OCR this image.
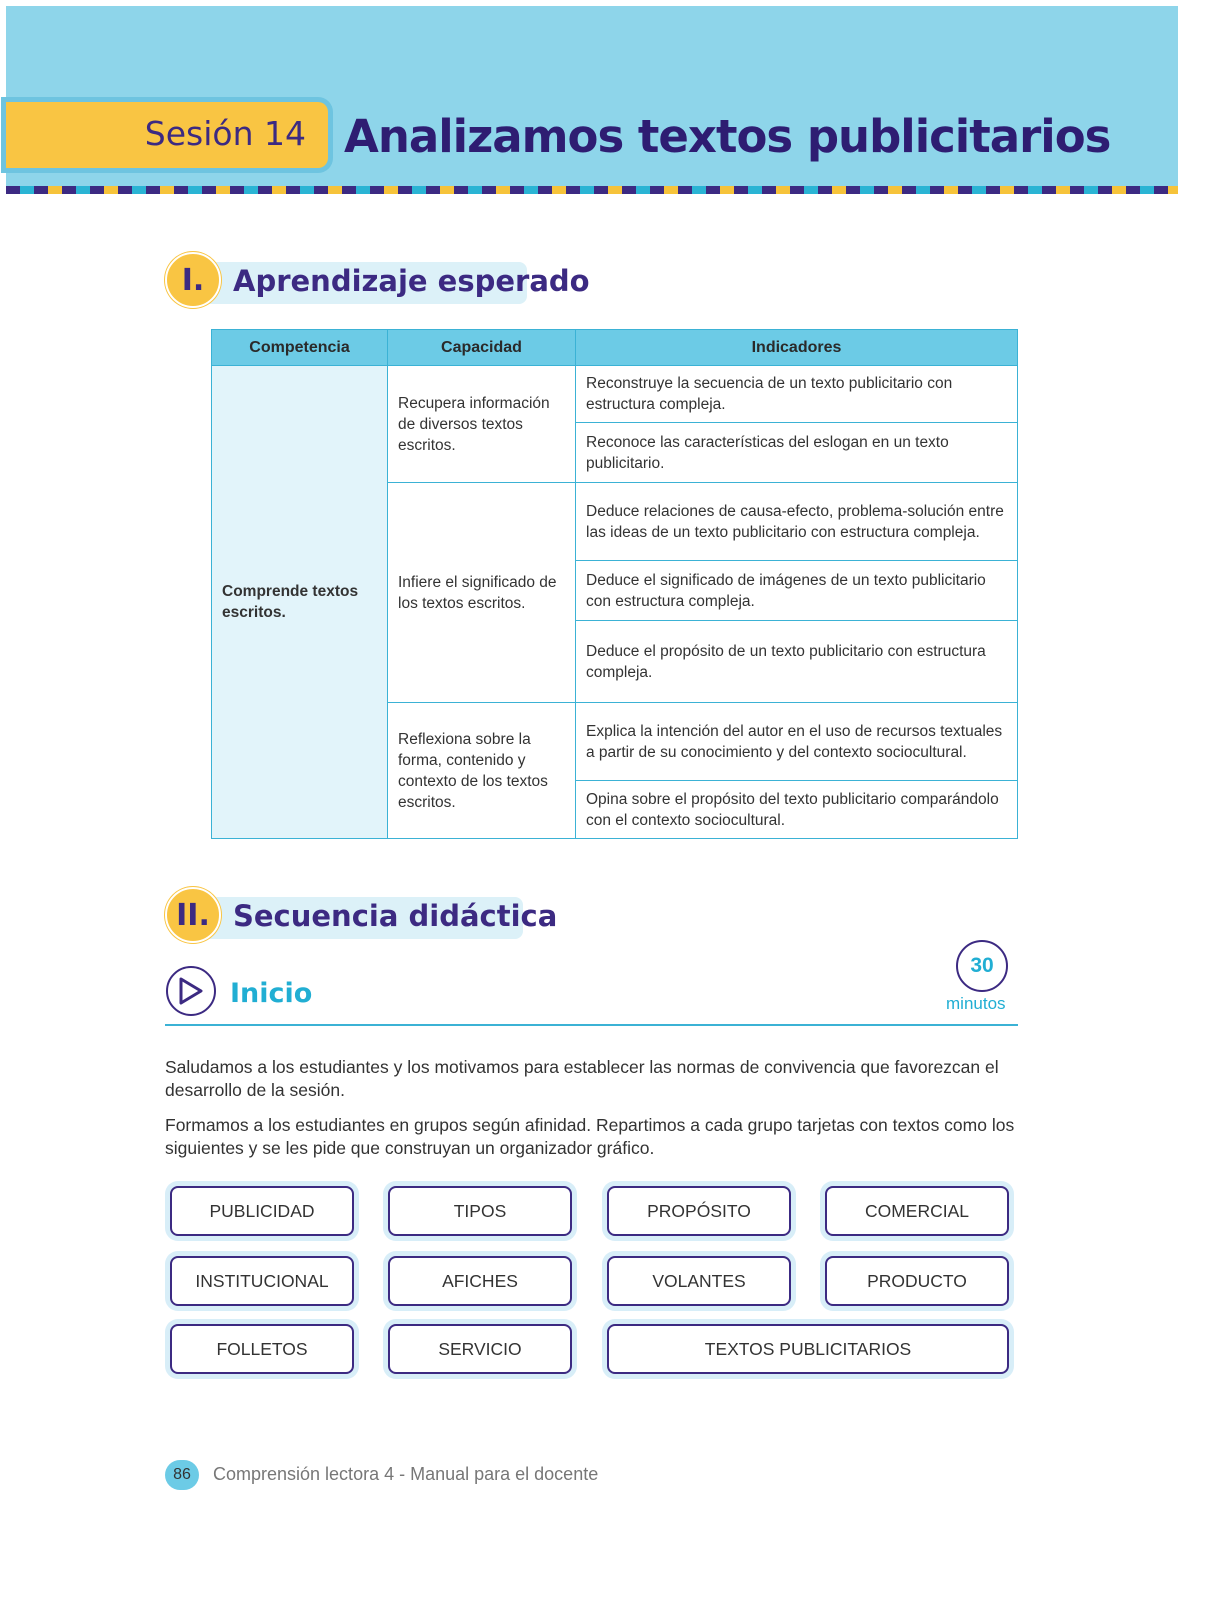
Sesión 14 Analizamos textos publicitarios
I. Aprendizaje esperado
Competencia	Capacidad	Indicadores
Comprende textos escritos.	Recupera información de diversos textos escritos.	Reconstruye la secuencia de un texto publicitario con estructura compleja.
		Reconoce las características del eslogan en un texto publicitario.
	Infiere el significado de los textos escritos.	Deduce relaciones de causa-efecto, problema-solución entre las ideas de un texto publicitario con estructura compleja.
		Deduce el significado de imágenes de un texto publicitario con estructura compleja.
		Deduce el propósito de un texto publicitario con estructura compleja.
	Reflexiona sobre la forma, contenido y contexto de los textos escritos.	Explica la intención del autor en el uso de recursos textuales a partir de su conocimiento y del contexto sociocultural.
		Opina sobre el propósito del texto publicitario comparándolo con el contexto sociocultural.
II. Secuencia didáctica
Inicio
30
minutos

Saludamos a los estudiantes y los motivamos para establecer las normas de convivencia que favorezcan el desarrollo de la sesión.

Formamos a los estudiantes en grupos según afinidad. Repartimos a cada grupo tarjetas con textos como los siguientes y se les pide que construyan un organizador gráfico.

PUBLICIDAD	TIPOS	PROPÓSITO	COMERCIAL
INSTITUCIONAL	AFICHES	VOLANTES	PRODUCTO
FOLLETOS	SERVICIO	TEXTOS PUBLICITARIOS
86	Comprensión lectora 4 - Manual para el docente
